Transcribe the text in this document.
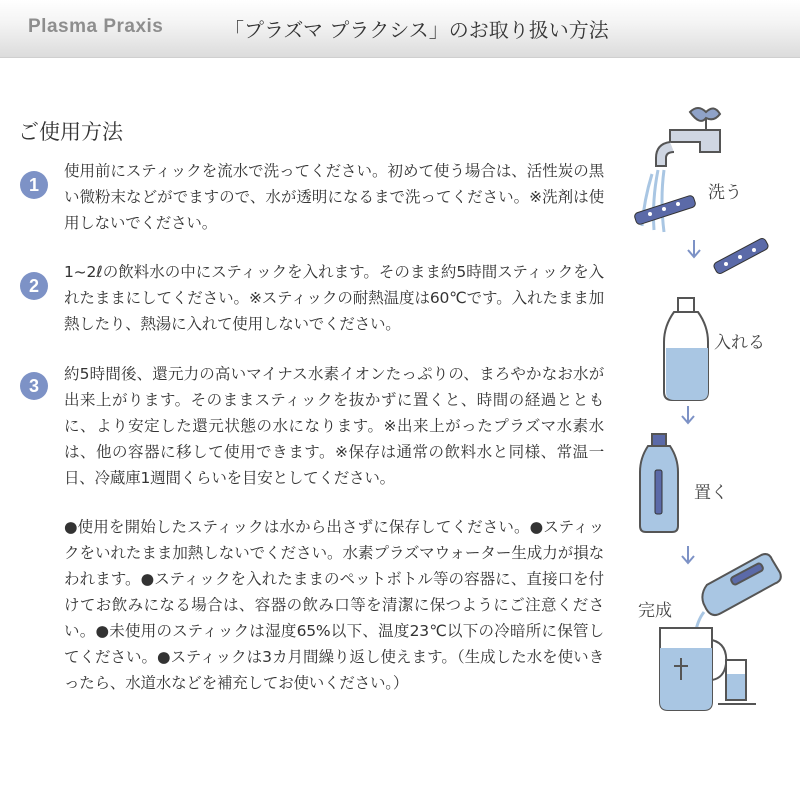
Plasma Praxis	「プラズマ プラクシス」のお取り扱い方法
ご使用方法
1
使用前にスティックを流水で洗ってください。初めて使う場合は、活性炭の黒い微粉末などがでますので、水が透明になるまで洗ってください。※洗剤は使用しないでください。
2
1~2ℓの飲料水の中にスティックを入れます。そのまま約5時間スティックを入れたままにしてください。※スティックの耐熱温度は60℃です。入れたまま加熱したり、熱湯に入れて使用しないでください。
3
約5時間後、還元力の高いマイナス水素イオンたっぷりの、まろやかなお水が出来上がります。そのままスティックを抜かずに置くと、時間の経過とともに、より安定した還元状態の水になります。※出来上がったプラズマ水素水は、他の容器に移して使用できます。※保存は通常の飲料水と同様、常温一日、冷蔵庫1週間くらいを目安としてください。
●使用を開始したスティックは水から出さずに保存してください。●スティックをいれたまま加熱しないでください。水素プラズマウォーター生成力が損なわれます。●スティックを入れたままのペットボトル等の容器に、直接口を付けてお飲みになる場合は、容器の飲み口等を清潔に保つようにご注意ください。●未使用のスティックは湿度65%以下、温度23℃以下の冷暗所に保管してください。●スティックは3カ月間繰り返し使えます。（生成した水を使いきったら、水道水などを補充してお使いください。）
洗う
入れる
置く
完成
